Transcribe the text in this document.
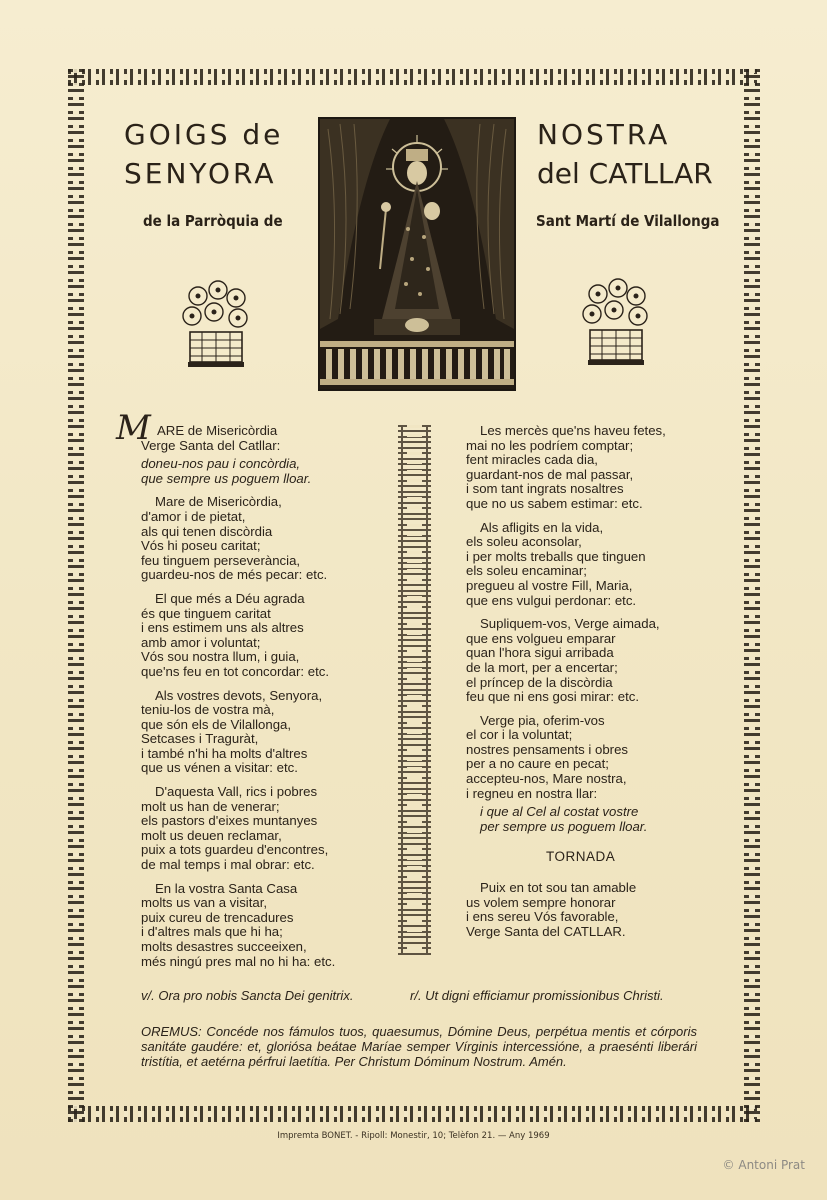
GOIGS de
SENYORA
NOSTRA
del CATLLAR
de la Parròquia de	Sant Martí de Vilallonga
M ARE de Misericòrdia
Verge Santa del Catllar:
doneu-nos pau i concòrdia,
que sempre us poguem lloar.
Mare de Misericòrdia,
d'amor i de pietat,
als qui tenen discòrdia
Vós hi poseu caritat;
feu tinguem perseverància,
guardeu-nos de més pecar: etc.
El que més a Déu agrada
és que tinguem caritat
i ens estimem uns als altres
amb amor i voluntat;
Vós sou nostra llum, i guia,
que'ns feu en tot concordar: etc.
Als vostres devots, Senyora,
teniu-los de vostra mà,
que són els de Vilallonga,
Setcases i Traguràt,
i també n'hi ha molts d'altres
que us vénen a visitar: etc.
D'aquesta Vall, rics i pobres
molt us han de venerar;
els pastors d'eixes muntanyes
molt us deuen reclamar,
puix a tots guardeu d'encontres,
de mal temps i mal obrar: etc.
En la vostra Santa Casa
molts us van a visitar,
puix cureu de trencadures
i d'altres mals que hi ha;
molts desastres succeeixen,
més ningú pres mal no hi ha: etc.
Les mercès que'ns haveu fetes,
mai no les podríem comptar;
fent miracles cada dia,
guardant-nos de mal passar,
i som tant ingrats nosaltres
que no us sabem estimar: etc.
Als afligits en la vida,
els soleu aconsolar,
i per molts treballs que tinguen
els soleu encaminar;
preguеu al vostre Fill, Maria,
que ens vulgui perdonar: etc.
Supliquem-vos, Verge aimada,
que ens volgueu emparar
quan l'hora sigui arribada
de la mort, per a encertar;
el príncep de la discòrdia
feu que ni ens gosi mirar: etc.
Verge pia, oferim-vos
el cor i la voluntat;
nostres pensaments i obres
per a no caure en pecat;
accepteu-nos, Mare nostra,
i regneu en nostra llar:
i que al Cel al costat vostre
per sempre us poguem lloar.
TORNADA
Puix en tot sou tan amable
us volem sempre honorar
i ens sereu Vós favorable,
Verge Santa del CATLLAR.
v/. Ora pro nobis Sancta Dei genitrix.	r/. Ut digni efficiamur promissionibus Christi.
OREMUS: Concéde nos fámulos tuos, quaesumus, Dómine Deus, perpétua mentis et córporis sanitáte gaudére: et, gloriósa beátae Maríae semper Vírginis intercessióne, a praesénti liberári tristítia, et aetérna pérfrui laetítia. Per Christum Dóminum Nostrum. Amén.
Impremta BONET. - Ripoll: Monestir, 10; Telèfon 21. — Any 1969
© Antoni Prat
